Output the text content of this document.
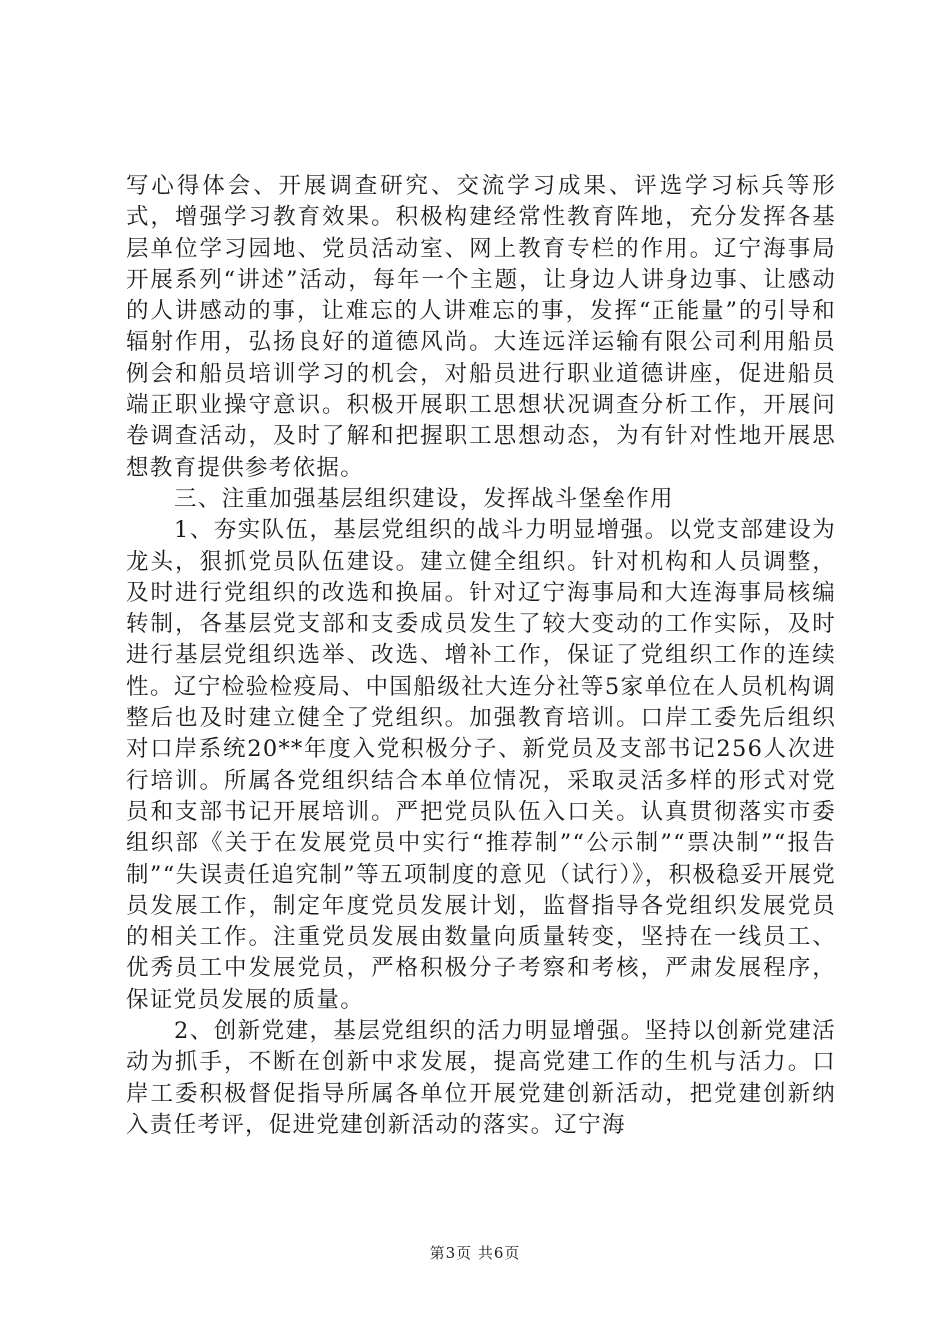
写心得体会、开展调查研究、交流学习成果、评选学习标兵等形式，增强学习教育效果。积极构建经常性教育阵地，充分发挥各基层单位学习园地、党员活动室、网上教育专栏的作用。辽宁海事局开展系列“讲述”活动，每年一个主题，让身边人讲身边事、让感动的人讲感动的事，让难忘的人讲难忘的事，发挥“正能量”的引导和辐射作用，弘扬良好的道德风尚。大连远洋运输有限公司利用船员例会和船员培训学习的机会，对船员进行职业道德讲座，促进船员端正职业操守意识。积极开展职工思想状况调查分析工作，开展问卷调查活动，及时了解和把握职工思想动态，为有针对性地开展思想教育提供参考依据。

三、注重加强基层组织建设，发挥战斗堡垒作用

1、夯实队伍，基层党组织的战斗力明显增强。以党支部建设为龙头，狠抓党员队伍建设。建立健全组织。针对机构和人员调整，及时进行党组织的改选和换届。针对辽宁海事局和大连海事局核编转制，各基层党支部和支委成员发生了较大变动的工作实际，及时进行基层党组织选举、改选、增补工作，保证了党组织工作的连续性。辽宁检验检疫局、中国船级社大连分社等5家单位在人员机构调整后也及时建立健全了党组织。加强教育培训。口岸工委先后组织对口岸系统20**年度入党积极分子、新党员及支部书记256人次进行培训。所属各党组织结合本单位情况，采取灵活多样的形式对党员和支部书记开展培训。严把党员队伍入口关。认真贯彻落实市委组织部《关于在发展党员中实行“推荐制”“公示制”“票决制”“报告制”“失误责任追究制”等五项制度的意见（试行）》，积极稳妥开展党员发展工作，制定年度党员发展计划，监督指导各党组织发展党员的相关工作。注重党员发展由数量向质量转变，坚持在一线员工、优秀员工中发展党员，严格积极分子考察和考核，严肃发展程序，保证党员发展的质量。

2、创新党建，基层党组织的活力明显增强。坚持以创新党建活动为抓手，不断在创新中求发展，提高党建工作的生机与活力。口岸工委积极督促指导所属各单位开展党建创新活动，把党建创新纳入责任考评，促进党建创新活动的落实。辽宁海

第3页 共6页
